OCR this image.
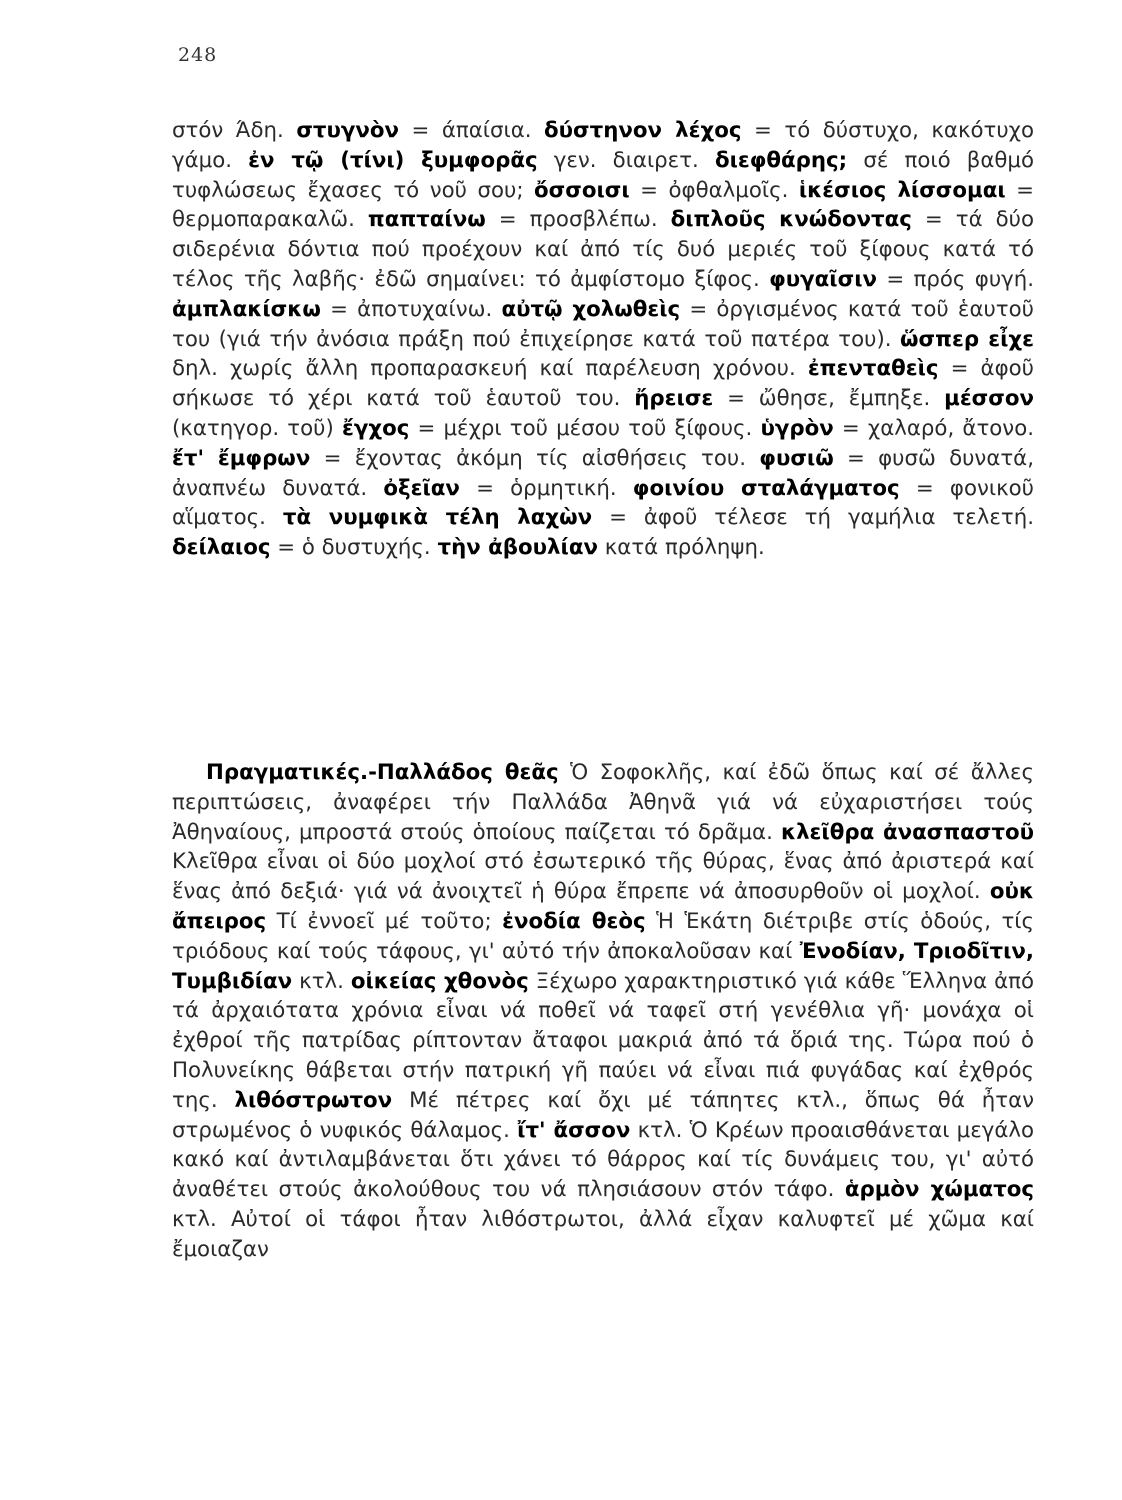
248
στόν Άδη. στυγνὸν = άπαίσια. δύστηνον λέχος = τό δύστυχο, κακότυχο γάμο. ἐν τῷ (τίνι) ξυμφορᾶς γεν. διαιρετ. διεφθάρης; σέ ποιό βαθμό τυφλώσεως ἔχασες τό νοῦ σου; ὄσσοισι = ὀφθαλμοῖς. ἱκέσιος λίσσομαι = θερμοπαρακαλῶ. παπταίνω = προσβλέπω. διπλοῦς κνώδοντας = τά δύο σιδερένια δόντια πού προέχουν καί ἀπό τίς δυό μεριές τοῦ ξίφους κατά τό τέλος τῆς λαβῆς· ἐδῶ σημαίνει: τό ἀμφίστομο ξίφος. φυγαῖσιν = πρός φυγή. ἀμπλακίσκω = ἀποτυχαίνω. αὐτῷ χολωθεὶς = ὀργισμένος κατά τοῦ ἑαυτοῦ του (γιά τήν ἀνόσια πράξη πού ἐπιχείρησε κατά τοῦ πατέρα του). ὥσπερ εἶχε δηλ. χωρίς ἄλλη προπαρασκευή καί παρέλευση χρόνου. ἐπενταθεὶς = ἀφοῦ σήκωσε τό χέρι κατά τοῦ ἑαυτοῦ του. ἤρεισε = ὤθησε, ἔμπηξε. μέσσον (κατηγορ. τοῦ) ἔγχος = μέχρι τοῦ μέσου τοῦ ξίφους. ὑγρὸν = χαλαρό, ἄτονο. ἔτ' ἔμφρων = ἔχοντας ἀκόμη τίς αἰσθήσεις του. φυσιῶ = φυσῶ δυνατά, ἀναπνέω δυνατά. ὀξεῖαν = ὁρμητική. φοινίου σταλάγματος = φονικοῦ αἵματος. τὰ νυμφικὰ τέλη λαχὼν = ἀφοῦ τέλεσε τή γαμήλια τελετή. δείλαιος = ὁ δυστυχής. τὴν ἀβουλίαν κατά πρόληψη.
Πραγματικές.-Παλλάδος θεᾶς Ὁ Σοφοκλῆς, καί ἐδῶ ὅπως καί σέ ἄλλες περιπτώσεις, ἀναφέρει τήν Παλλάδα Ἀθηνᾶ γιά νά εὐχαριστήσει τούς Ἀθηναίους, μπροστά στούς ὁποίους παίζεται τό δρᾶμα. κλεῖθρα ἀνασπαστοῦ Κλεῖθρα εἶναι οἱ δύο μοχλοί στό ἐσωτερικό τῆς θύρας, ἕνας ἀπό ἀριστερά καί ἕνας ἀπό δεξιά· γιά νά ἀνοιχτεῖ ἡ θύρα ἔπρεπε νά ἀποσυρθοῦν οἱ μοχλοί. οὐκ ἄπειρος Τί ἐννοεῖ μέ τοῦτο; ἐνοδία θεὸς Ἡ Ἑκάτη διέτριβε στίς ὁδούς, τίς τριόδους καί τούς τάφους, γι' αὐτό τήν ἀποκαλοῦσαν καί Ἐνοδίαν, Τριοδῖτιν, Τυμβιδίαν κτλ. οἰκείας χθονὸς Ξέχωρο χαρακτηριστικό γιά κάθε Ἕλληνα ἀπό τά ἀρχαιότατα χρόνια εἶναι νά ποθεῖ νά ταφεῖ στή γενέθλια γῆ· μονάχα οἱ ἐχθροί τῆς πατρίδας ρίπτονταν ἄταφοι μακριά ἀπό τά ὅριά της. Τώρα πού ὁ Πολυνείκης θάβεται στήν πατρική γῆ παύει νά εἶναι πιά φυγάδας καί ἐχθρός της. λιθόστρωτον Μέ πέτρες καί ὄχι μέ τάπητες κτλ., ὅπως θά ἦταν στρωμένος ὁ νυφικός θάλαμος. ἴτ' ἄσσον κτλ. Ὁ Κρέων προαισθάνεται μεγάλο κακό καί ἀντιλαμβάνεται ὅτι χάνει τό θάρρος καί τίς δυνάμεις του, γι' αὐτό ἀναθέτει στούς ἀκολούθους του νά πλησιάσουν στόν τάφο. ἁρμὸν χώματος κτλ. Αὐτοί οἱ τάφοι ἦταν λιθόστρωτοι, ἀλλά εἶχαν καλυφτεῖ μέ χῶμα καί ἔμοιαζαν
